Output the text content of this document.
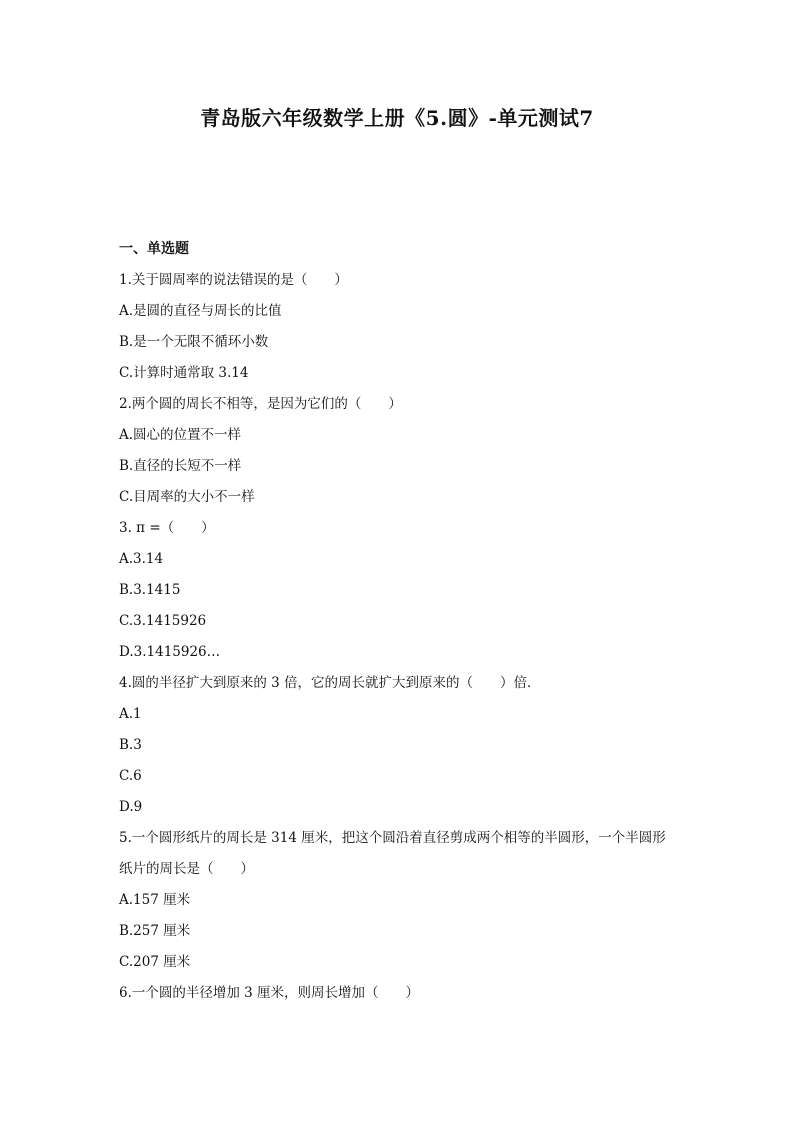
青岛版六年级数学上册《5.圆》-单元测试7
一、单选题
1.关于圆周率的说法错误的是（　　）
A.是圆的直径与周长的比值
B.是一个无限不循环小数
C.计算时通常取 3.14
2.两个圆的周长不相等，是因为它们的（　　）
A.圆心的位置不一样
B.直径的长短不一样
C.目周率的大小不一样
3. π =（　　）
A.3.14
B.3.1415
C.3.1415926
D.3.1415926…
4.圆的半径扩大到原来的 3 倍，它的周长就扩大到原来的（　　）倍．
A.1
B.3
C.6
D.9
5.一个圆形纸片的周长是 314 厘米，把这个圆沿着直径剪成两个相等的半圆形，一个半圆形
纸片的周长是（　　）
A.157 厘米
B.257 厘米
C.207 厘米
6.一个圆的半径增加 3 厘米，则周长增加（　　）
